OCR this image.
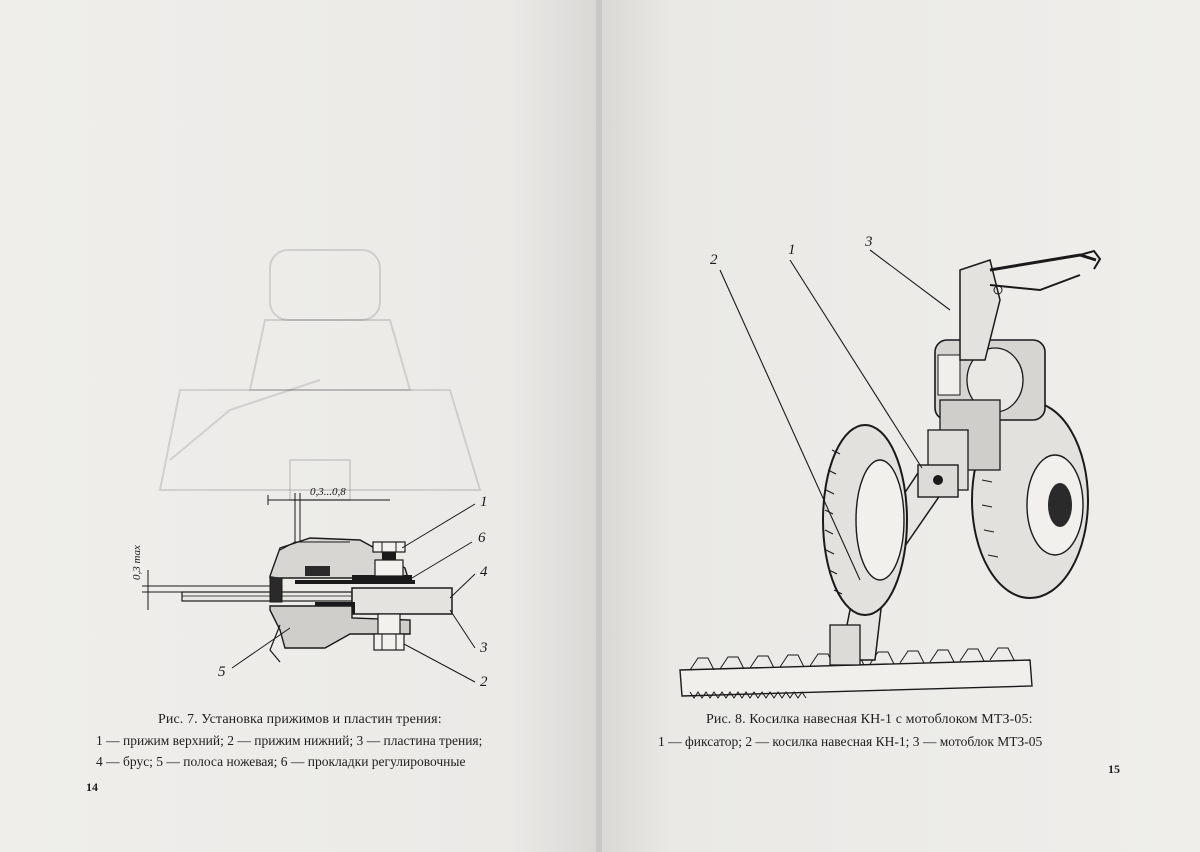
0,3...0,8
0,3 max
1
6
4
3
2
5
Рис. 7. Установка прижимов и пластин трения:
1 — прижим верхний; 2 — прижим нижний; 3 — пластина трения;
4 — брус; 5 — полоса ножевая; 6 — прокладки регулировочные
14
2
1	3
Рис. 8. Косилка навесная КН-1 с мотоблоком МТЗ-05:
1 — фиксатор; 2 — косилка навесная КН-1; 3 — мотоблок МТЗ-05
15
